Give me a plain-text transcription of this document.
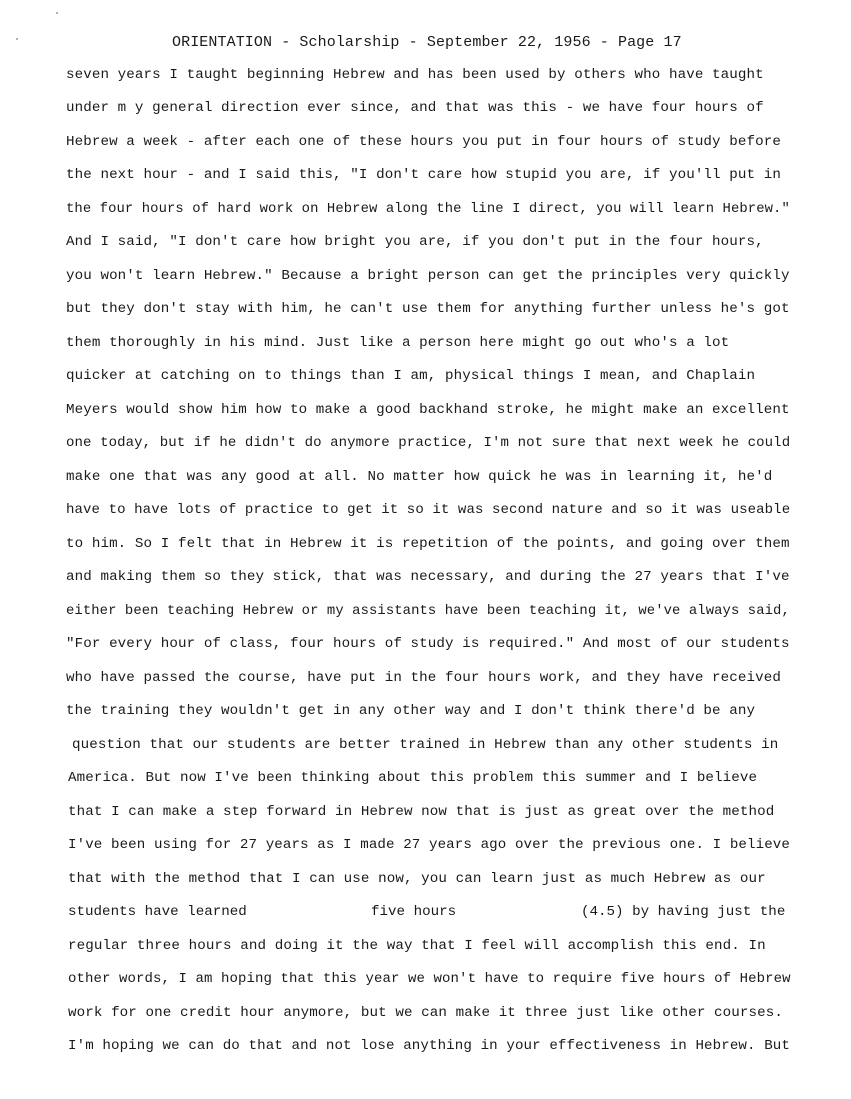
ORIENTATION - Scholarship - September 22, 1956 - Page 17
seven years I taught beginning Hebrew and has been used by others who have taught
under m y general direction ever since, and that was this - we have four hours of
Hebrew a week - after each one of these hours you put in four hours of study before
the next hour - and I said this, "I don't care how stupid you are, if you'll put in
the four hours of hard work on Hebrew along the line I direct, you will learn Hebrew."
And I said, "I don't care how bright you are, if you don't put in the four hours,
you won't learn Hebrew." Because a bright person can get the principles very quickly
but they don't stay with him, he can't use them for anything further unless he's got
them thoroughly in his mind. Just like a person here might go out who's a lot
quicker at catching on to things than I am, physical things I mean, and Chaplain
Meyers would show him how to make a good backhand stroke, he might make an excellent
one today, but if he didn't do anymore practice, I'm not sure that next week he could
make one that was any good at all. No matter how quick he was in learning it, he'd
have to have lots of practice to get it so it was second nature and so it was useable
to him. So I felt that in Hebrew it is repetition of the points, and going over them
and making them so they stick, that was necessary, and during the 27 years that I've
either been teaching Hebrew or my assistants have been teaching it, we've always said,
"For every hour of class, four hours of study is required." And most of our students
who have passed the course, have put in the four hours work, and they have received
the training they wouldn't get in any other way and I don't think there'd be any
question that our students are better trained in Hebrew than any other students in
America. But now I've been thinking about this problem this summer and I believe
that I can make a step forward in Hebrew now that is just as great over the method
I've been using for 27 years as I made 27 years ago over the previous one. I believe
that with the method that I can use now, you can learn just as much Hebrew as our
students have learned	five hours	(4.5) by having just the
regular three hours and doing it the way that I feel will accomplish this end. In
other words, I am hoping that this year we won't have to require five hours of Hebrew
work for one credit hour anymore, but we can make it three just like other courses.
I'm hoping we can do that and not lose anything in your effectiveness in Hebrew. But
